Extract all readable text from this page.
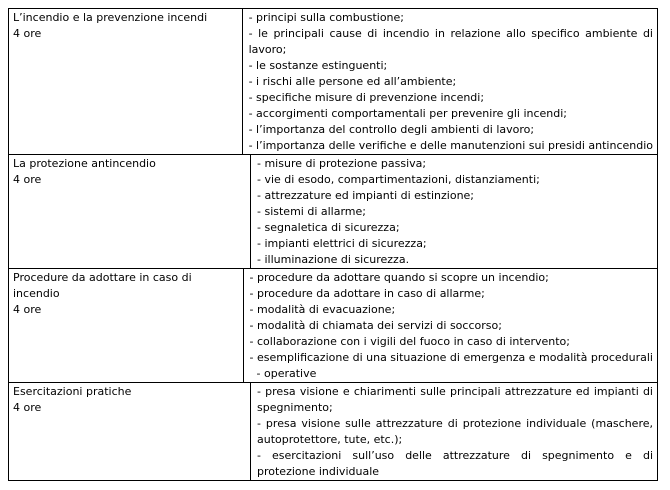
L’incendio e la prevenzione incendi
4 ore
- principi sulla combustione;
- le principali cause di incendio in relazione allo specifico ambiente di lavoro;
- le sostanze estinguenti;
- i rischi alle persone ed all’ambiente;
- specifiche misure di prevenzione incendi;
- accorgimenti comportamentali per prevenire gli incendi;
- l’importanza del controllo degli ambienti di lavoro;
- l’importanza delle verifiche e delle manutenzioni sui presidi antincendio
La protezione antincendio
4 ore
- misure di protezione passiva;
- vie di esodo, compartimentazioni, distanziamenti;
- attrezzature ed impianti di estinzione;
- sistemi di allarme;
- segnaletica di sicurezza;
- impianti elettrici di sicurezza;
- illuminazione di sicurezza.
Procedure da adottare in caso di incendio
4 ore
- procedure da adottare quando si scopre un incendio;
- procedure da adottare in caso di allarme;
- modalità di evacuazione;
- modalità di chiamata dei servizi di soccorso;
- collaborazione con i vigili del fuoco in caso di intervento;
- esemplificazione di una situazione di emergenza e modalità procedurali
- operative
Esercitazioni pratiche
4 ore
- presa visione e chiarimenti sulle principali attrezzature ed impianti di spegnimento;
- presa visione sulle attrezzature di protezione individuale (maschere, autoprotettore, tute, etc.);
- esercitazioni sull’uso delle attrezzature di spegnimento e di protezione individuale
